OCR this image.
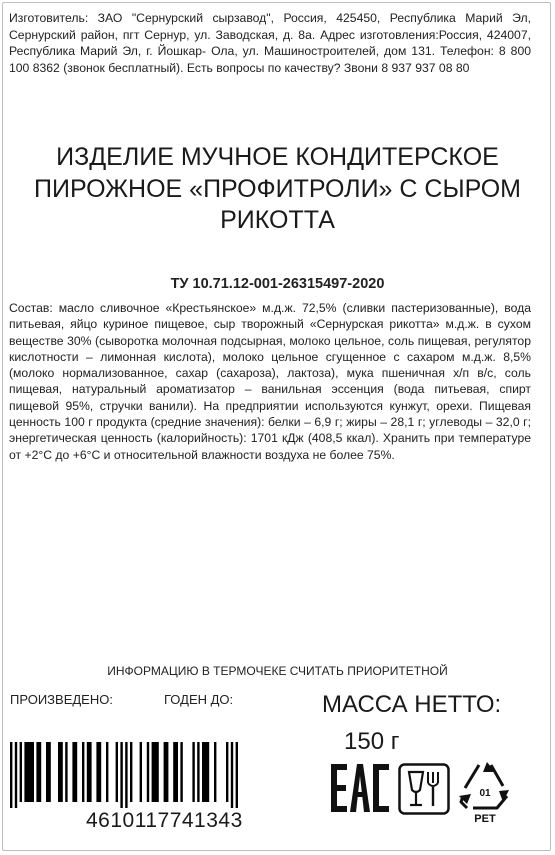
Изготовитель: ЗАО "Сернурский сырзавод", Россия, 425450, Республика Марий Эл, Сернурский район, пгт Сернур, ул. Заводская, д. 8а. Адрес изготовления:Россия, 424007, Республика Марий Эл, г. Йошкар- Ола, ул. Машиностроителей, дом 131. Телефон: 8 800 100 8362 (звонок бесплатный). Есть вопросы по качеству? Звони 8 937 937 08 80
ИЗДЕЛИЕ МУЧНОЕ КОНДИТЕРСКОЕ ПИРОЖНОЕ «ПРОФИТРОЛИ» С СЫРОМ РИКОТТА
ТУ 10.71.12-001-26315497-2020
Состав: масло сливочное «Крестьянское» м.д.ж. 72,5% (сливки пастеризованные), вода питьевая, яйцо куриное пищевое, сыр творожный «Сернурская рикотта» м.д.ж. в сухом веществе 30% (сыворотка молочная подсырная, молоко цельное, соль пищевая, регулятор кислотности – лимонная кислота), молоко цельное сгущенное с сахаром м.д.ж. 8,5% (молоко нормализованное, сахар (сахароза), лактоза), мука пшеничная х/п в/с, соль пищевая, натуральный ароматизатор – ванильная эссенция (вода питьевая, спирт пищевой 95%, стручки ванили). На предприятии используются кунжут, орехи. Пищевая ценность 100 г продукта (средние значения): белки – 6,9 г; жиры – 28,1 г; углеводы – 32,0 г; энергетическая ценность (калорийность): 1701 кДж (408,5 ккал). Хранить при температуре от +2°С до +6°С и относительной влажности воздуха не более 75%.
ИНФОРМАЦИЮ В ТЕРМОЧЕКЕ СЧИТАТЬ ПРИОРИТЕТНОЙ
ПРОИЗВЕДЕНО:	ГОДЕН ДО:	МАССА НЕТТО:
150 г
4610117741343
01
PET
